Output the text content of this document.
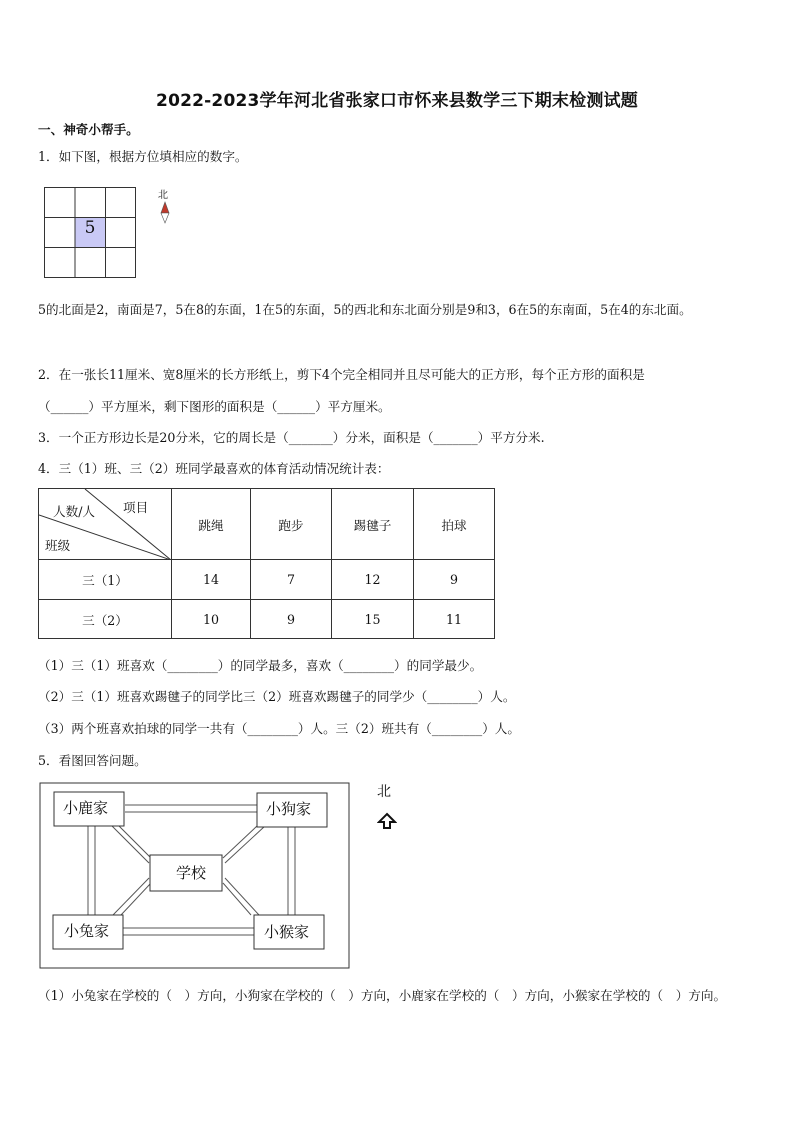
2022-2023学年河北省张家口市怀来县数学三下期末检测试题
一、神奇小帮手。
1．如下图，根据方位填相应的数字。
5
北
5的北面是2，南面是7，5在8的东面，1在5的东面，5的西北和东北面分别是9和3，6在5的东南面，5在4的东北面。
2．在一张长11厘米、宽8厘米的长方形纸上，剪下4个完全相同并且尽可能大的正方形，每个正方形的面积是
（______）平方厘米，剩下图形的面积是（______）平方厘米。
3．一个正方形边长是20分米，它的周长是（_______）分米，面积是（_______）平方分米.
4．三（1）班、三（2）班同学最喜欢的体育活动情况统计表：
项目
人数/人
班级	跳绳	跑步	踢毽子	拍球
三（1）	14	7	12	9
三（2）	10	9	15	11
（1）三（1）班喜欢（________）的同学最多，喜欢（________）的同学最少。
（2）三（1）班喜欢踢毽子的同学比三（2）班喜欢踢毽子的同学少（________）人。
（3）两个班喜欢拍球的同学一共有（________）人。三（2）班共有（________）人。
5．看图回答问题。
小鹿家	小狗家
学校
小兔家	小猴家
北
（1）小兔家在学校的（　）方向，小狗家在学校的（　）方向，小鹿家在学校的（　）方向，小猴家在学校的（　）方向。
